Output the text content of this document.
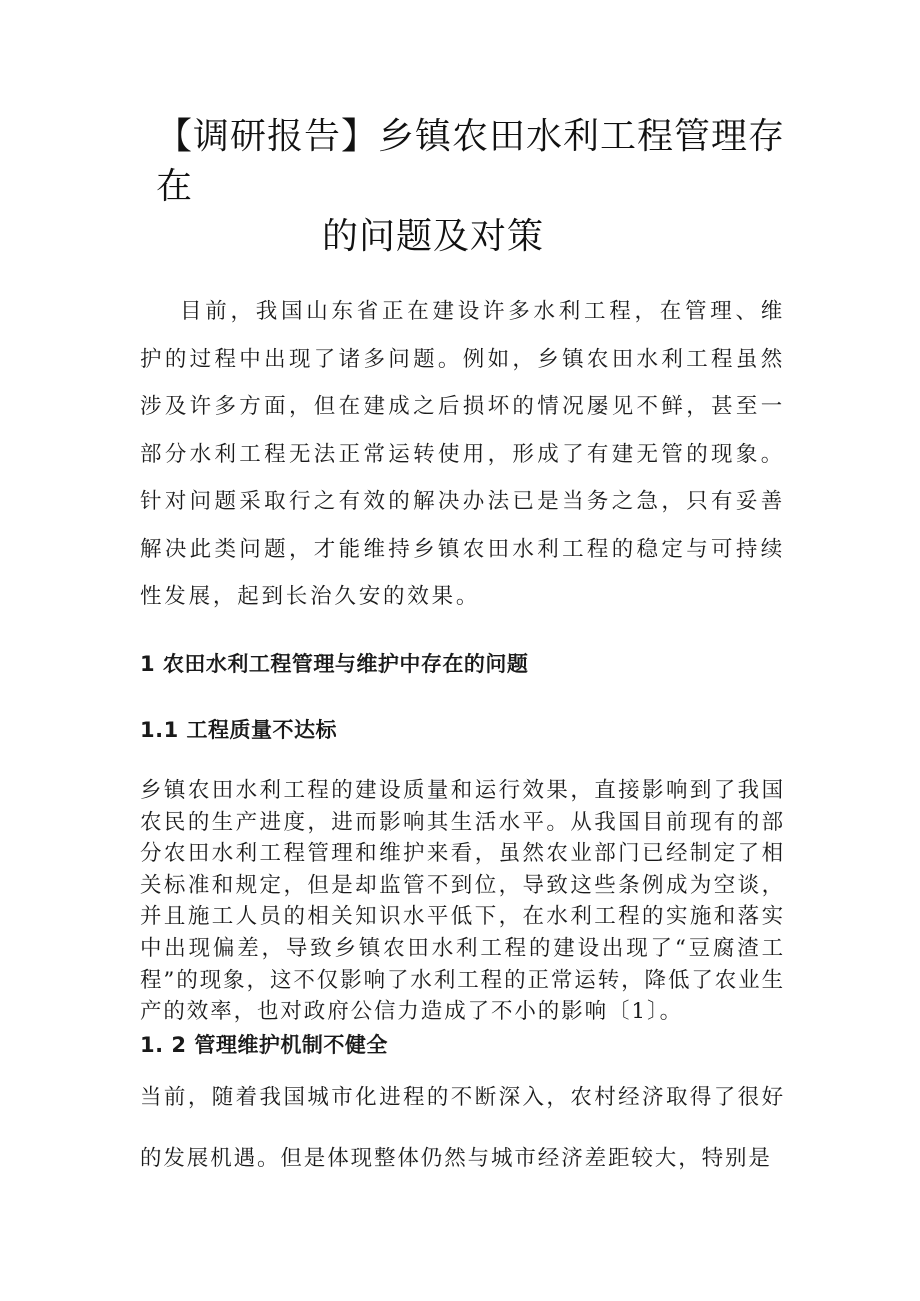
【调研报告】乡镇农田水利工程管理存在
的问题及对策

目前，我国山东省正在建设许多水利工程，在管理、维护的过程中出现了诸多问题。例如，乡镇农田水利工程虽然涉及许多方面，但在建成之后损坏的情况屡见不鲜，甚至一部分水利工程无法正常运转使用，形成了有建无管的现象。针对问题采取行之有效的解决办法已是当务之急，只有妥善解决此类问题，才能维持乡镇农田水利工程的稳定与可持续性发展，起到长治久安的效果。

1 农田水利工程管理与维护中存在的问题
1.1 工程质量不达标

乡镇农田水利工程的建设质量和运行效果，直接影响到了我国农民的生产进度，进而影响其生活水平。从我国目前现有的部分农田水利工程管理和维护来看，虽然农业部门已经制定了相关标准和规定，但是却监管不到位，导致这些条例成为空谈，并且施工人员的相关知识水平低下，在水利工程的实施和落实中出现偏差，导致乡镇农田水利工程的建设出现了“豆腐渣工程”的现象，这不仅影响了水利工程的正常运转，降低了农业生产的效率，也对政府公信力造成了不小的影响〔1〕。

1. 2 管理维护机制不健全

当前，随着我国城市化进程的不断深入，农村经济取得了很好的发展机遇。但是体现整体仍然与城市经济差距较大，特别是
